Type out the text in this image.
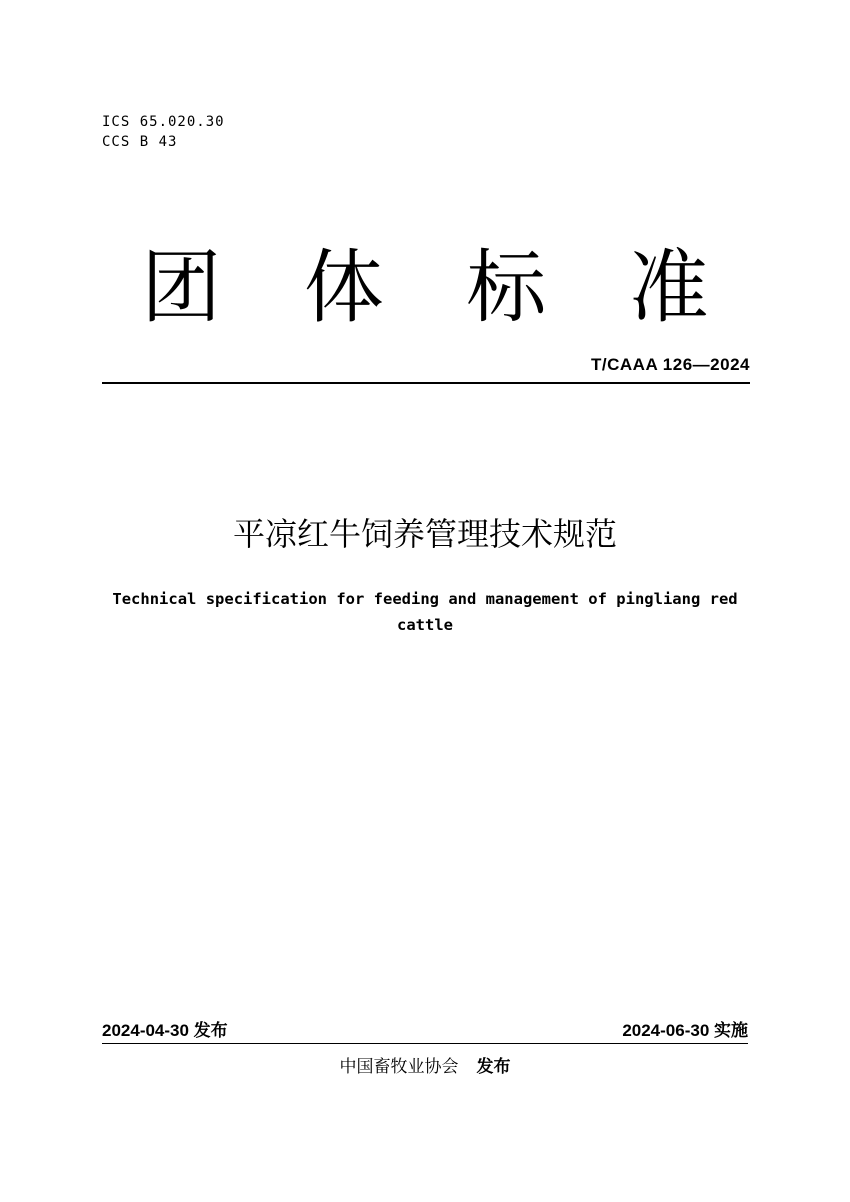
ICS 65.020.30
CCS B 43
团 体 标 准
T/CAAA 126—2024
平凉红牛饲养管理技术规范
Technical specification for feeding and management of pingliang red cattle
2024-04-30 发布	2024-06-30 实施
中国畜牧业协会 发布
